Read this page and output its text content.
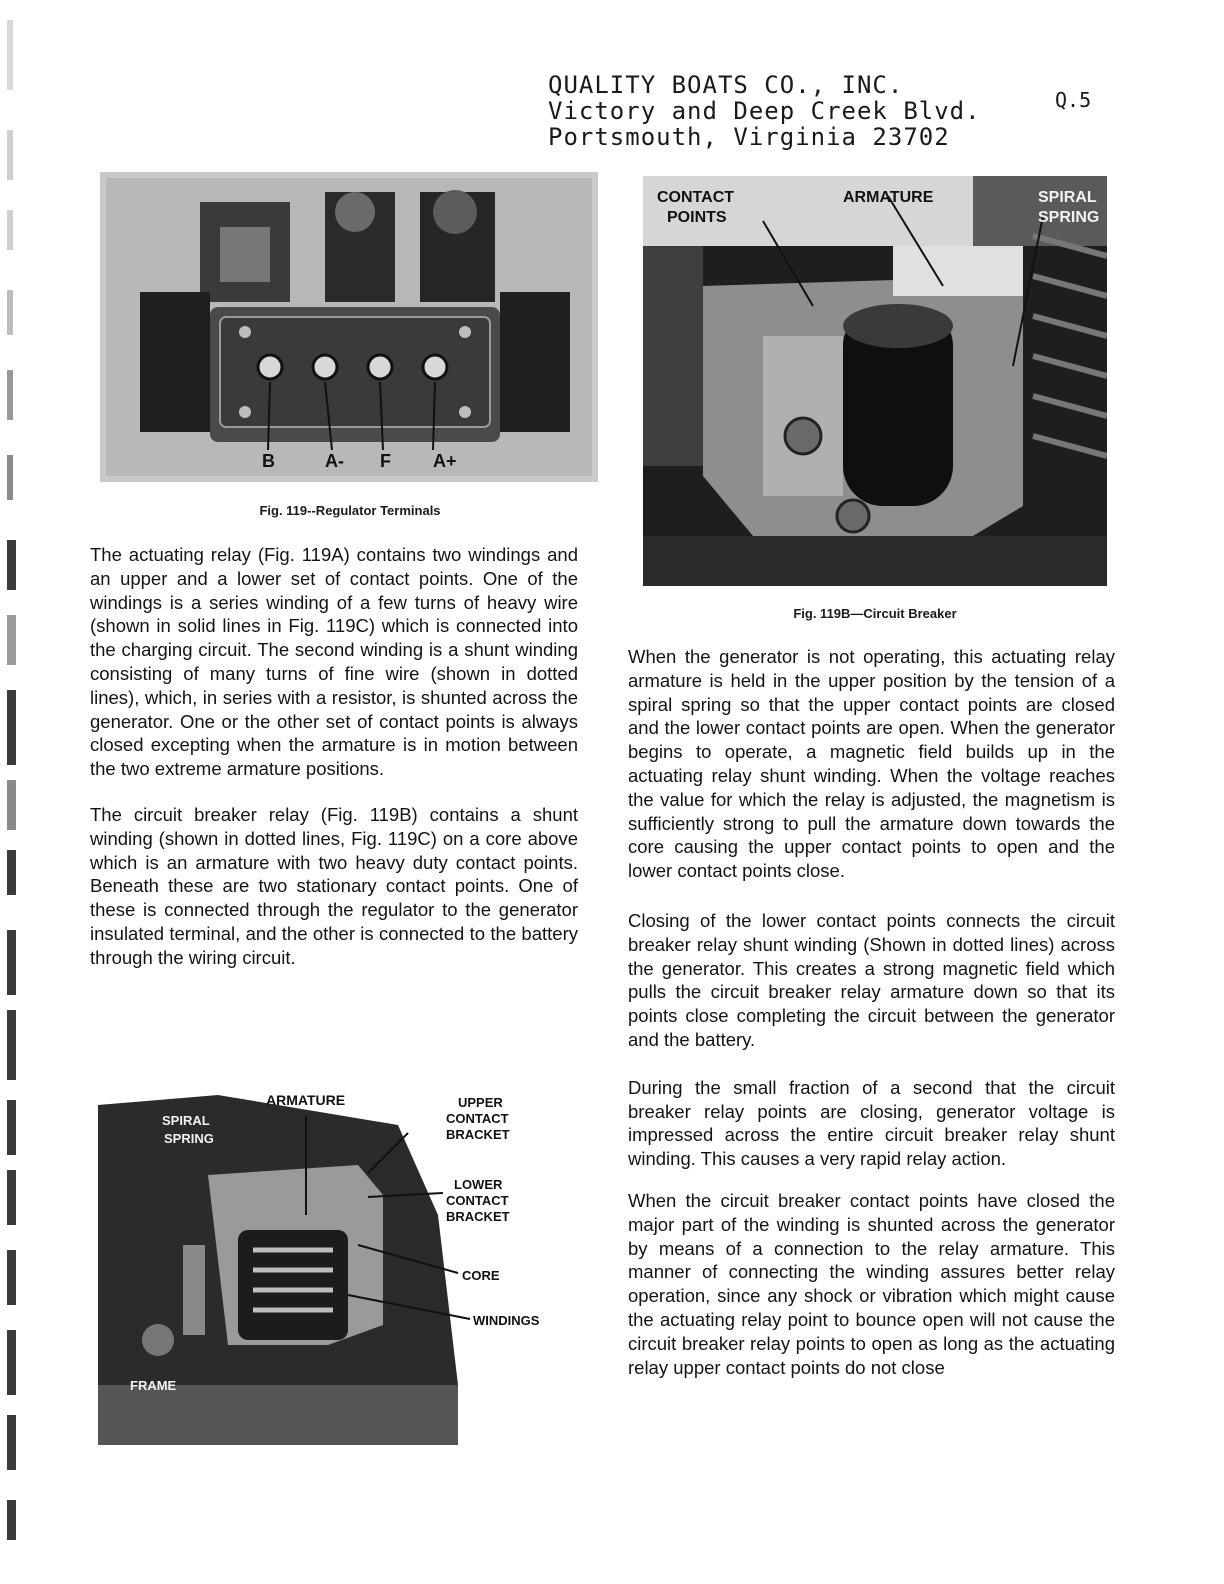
QUALITY BOATS CO., INC.
Victory and Deep Creek Blvd.
Portsmouth, Virginia 23702
Q.5
B	A- F A+
Fig. 119--Regulator Terminals
CONTACT
POINTS
ARMATURE	SPIRAL
SPRING
Fig. 119B—Circuit Breaker

The actuating relay (Fig. 119A) contains two windings and an upper and a lower set of contact points. One of the windings is a series winding of a few turns of heavy wire (shown in solid lines in Fig. 119C) which is connected into the charging circuit. The second winding is a shunt winding consisting of many turns of fine wire (shown in dotted lines), which, in series with a resistor, is shunted across the generator. One or the other set of contact points is always closed excepting when the armature is in motion between the two extreme armature positions.

The circuit breaker relay (Fig. 119B) contains a shunt winding (shown in dotted lines, Fig. 119C) on a core above which is an armature with two heavy duty contact points. Beneath these are two stationary contact points. One of these is connected through the regulator to the generator insulated terminal, and the other is connected to the battery through the wiring circuit.

ARMATURE	UPPER
CONTACT
BRACKET
SPIRAL
SPRING
LOWER
CONTACT
BRACKET
CORE
WINDINGS
FRAME

When the generator is not operating, this actuating relay armature is held in the upper position by the tension of a spiral spring so that the upper contact points are closed and the lower contact points are open. When the generator begins to operate, a magnetic field builds up in the actuating relay shunt winding. When the voltage reaches the value for which the relay is adjusted, the magnetism is sufficiently strong to pull the armature down towards the core causing the upper contact points to open and the lower contact points close.

Closing of the lower contact points connects the circuit breaker relay shunt winding (Shown in dotted lines) across the generator. This creates a strong magnetic field which pulls the circuit breaker relay armature down so that its points close completing the circuit between the generator and the battery.

During the small fraction of a second that the circuit breaker relay points are closing, generator voltage is impressed across the entire circuit breaker relay shunt winding. This causes a very rapid relay action.

When the circuit breaker contact points have closed the major part of the winding is shunted across the generator by means of a connection to the relay armature. This manner of connecting the winding assures better relay operation, since any shock or vibration which might cause the actuating relay point to bounce open will not cause the circuit breaker relay points to open as long as the actuating relay upper contact points do not close
